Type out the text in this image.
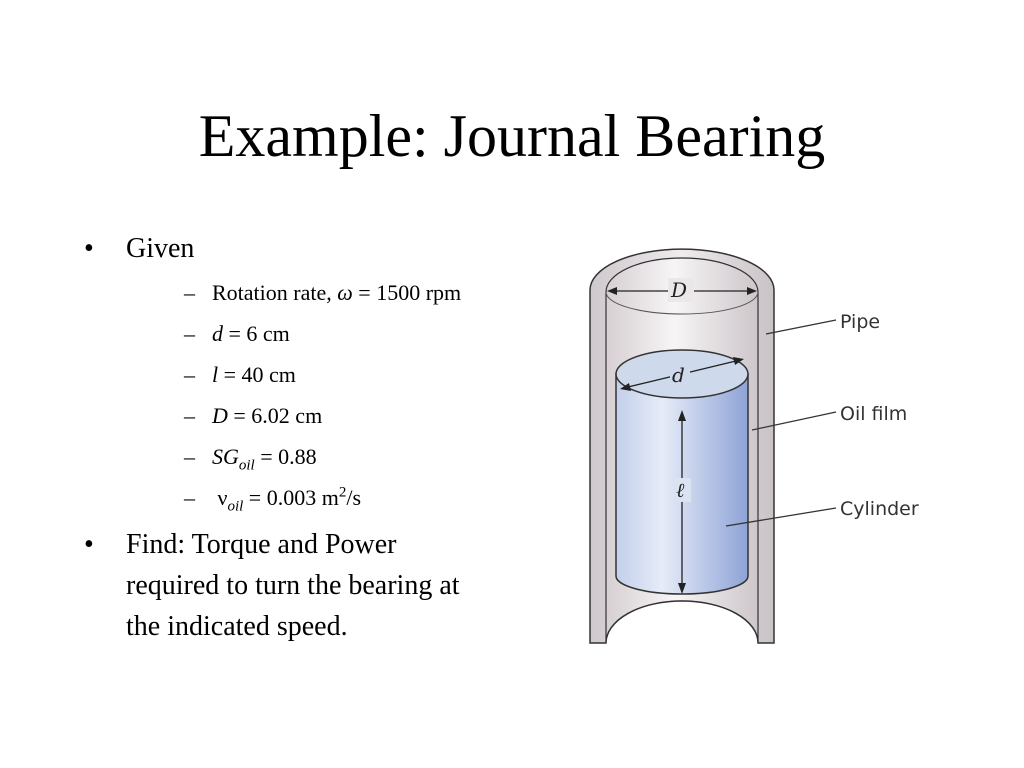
Example: Journal Bearing
• Given
– Rotation rate, ω = 1500 rpm
– d = 6 cm
– l = 40 cm
– D = 6.02 cm
– $SG_{oil} = 0.88$
– $\nu_{oil} = 0.003$ $m^2/s$
• Find: Torque and Power
required to turn the bearing at
the indicated speed.
D
d
ℓ
Pipe
Oil film
Cylinder
